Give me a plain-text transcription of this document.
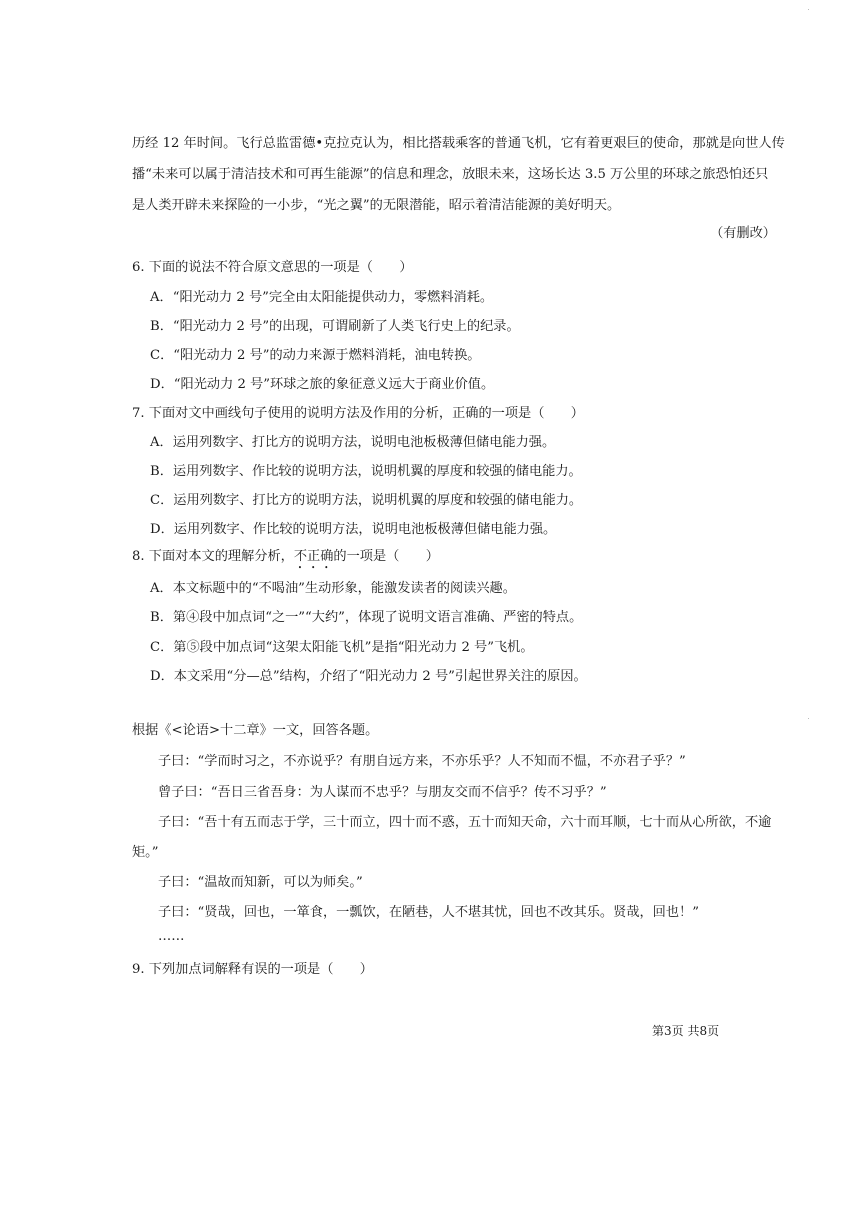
历经 12 年时间。飞行总监雷德•克拉克认为，相比搭载乘客的普通飞机，它有着更艰巨的使命，那就是向世人传
播“未来可以属于清洁技术和可再生能源”的信息和理念，放眼未来，这场长达 3.5 万公里的环球之旅恐怕还只
是人类开辟未来探险的一小步，“光之翼”的无限潜能，昭示着清洁能源的美好明天。
（有删改）
6. 下面的说法不符合原文意思的一项是（　　）
A．“阳光动力 2 号”完全由太阳能提供动力，零燃料消耗。
B．“阳光动力 2 号”的出现，可谓刷新了人类飞行史上的纪录。
C．“阳光动力 2 号”的动力来源于燃料消耗，油电转换。
D．“阳光动力 2 号”环球之旅的象征意义远大于商业价值。
7. 下面对文中画线句子使用的说明方法及作用的分析，正确的一项是（　　）
A．运用列数字、打比方的说明方法，说明电池板极薄但储电能力强。
B．运用列数字、作比较的说明方法，说明机翼的厚度和较强的储电能力。
C．运用列数字、打比方的说明方法，说明机翼的厚度和较强的储电能力。
D．运用列数字、作比较的说明方法，说明电池板极薄但储电能力强。
8. 下面对本文的理解分析，不正确的一项是（　　）
A．本文标题中的“不喝油”生动形象，能激发读者的阅读兴趣。
B．第④段中加点词“之一”“大约”，体现了说明文语言准确、严密的特点。
C．第⑤段中加点词“这架太阳能飞机”是指“阳光动力 2 号”飞机。
D．本文采用“分—总”结构，介绍了“阳光动力 2 号”引起世界关注的原因。
根据《<论语>十二章》一文，回答各题。
子曰：“学而时习之，不亦说乎？有朋自远方来，不亦乐乎？人不知而不愠，不亦君子乎？”
曾子曰：“吾日三省吾身：为人谋而不忠乎？与朋友交而不信乎？传不习乎？”
子曰：“吾十有五而志于学，三十而立，四十而不惑，五十而知天命，六十而耳顺，七十而从心所欲，不逾
矩。”
子曰：“温故而知新，可以为师矣。”
子曰：“贤哉，回也，一箪食，一瓢饮，在陋巷，人不堪其忧，回也不改其乐。贤哉，回也！”
……
9. 下列加点词解释有误的一项是（　　）
第3页 共8页
